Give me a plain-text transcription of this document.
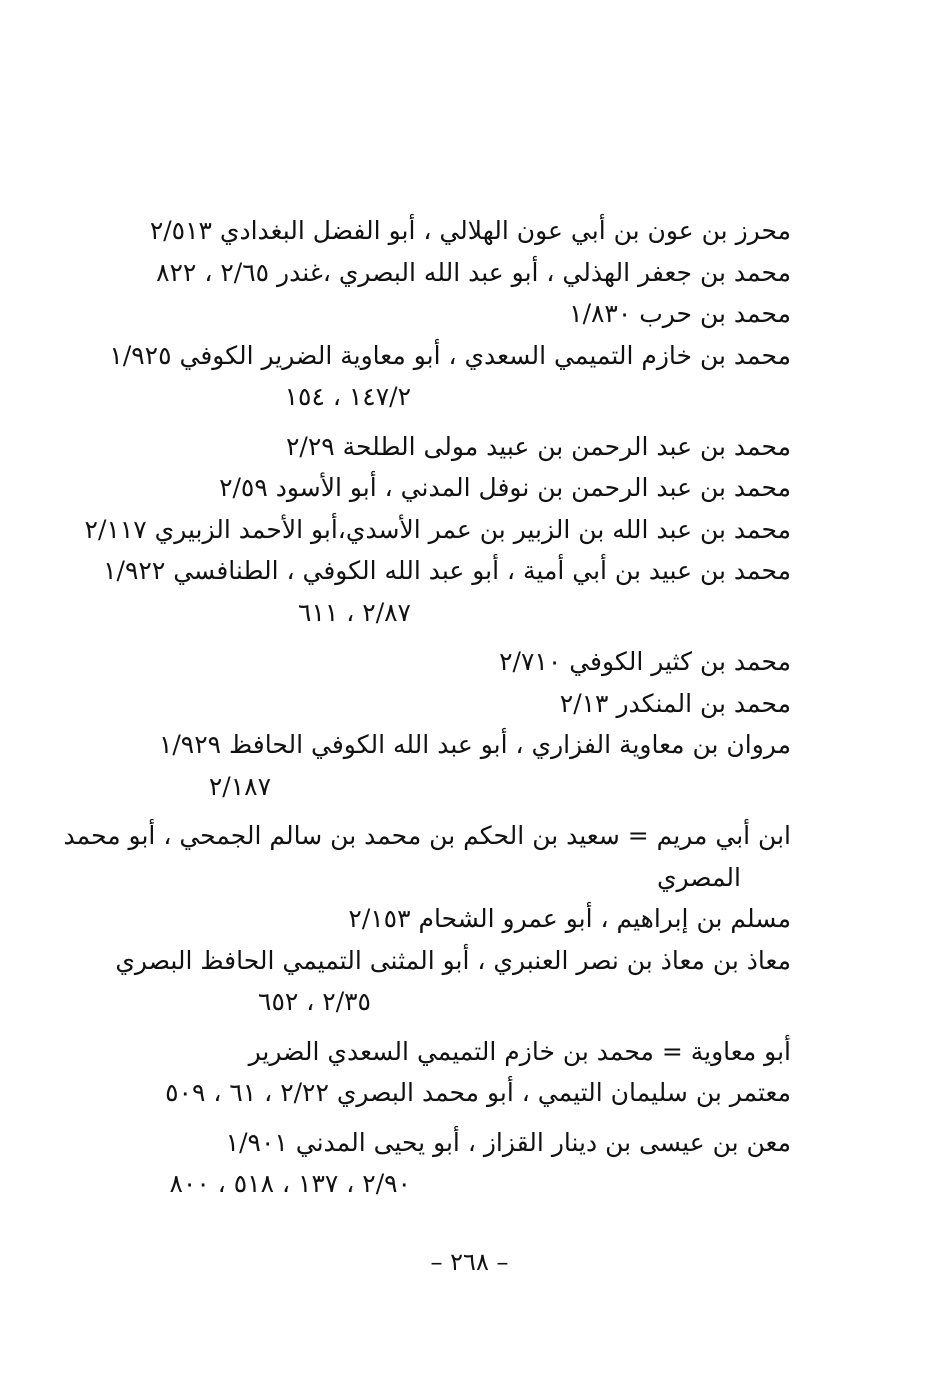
محرز بن عون بن أبي عون الهلالي ، أبو الفضل البغدادي ٢/٥١٣
محمد بن جعفر الهذلي ، أبو عبد الله البصري ،غندر ٢/٦٥ ، ٨٢٢
محمد بن حرب ١/٨٣٠
محمد بن خازم التميمي السعدي ، أبو معاوية الضرير الكوفي ١/٩٢٥
١٤٧/٢ ، ١٥٤
محمد بن عبد الرحمن بن عبيد مولى الطلحة ٢/٢٩
محمد بن عبد الرحمن بن نوفل المدني ، أبو الأسود ٢/٥٩
محمد بن عبد الله بن الزبير بن عمر الأسدي،أبو الأحمد الزبيري ٢/١١٧
محمد بن عبيد بن أبي أمية ، أبو عبد الله الكوفي ، الطنافسي ١/٩٢٢
٢/٨٧ ، ٦١١
محمد بن كثير الكوفي ٢/٧١٠
محمد بن المنكدر ٢/١٣
مروان بن معاوية الفزاري ، أبو عبد الله الكوفي الحافظ ١/٩٢٩
٢/١٨٧
ابن أبي مريم = سعيد بن الحكم بن محمد بن سالم الجمحي ، أبو محمد
المصري
مسلم بن إبراهيم ، أبو عمرو الشحام ٢/١٥٣
معاذ بن معاذ بن نصر العنبري ، أبو المثنى التميمي الحافظ البصري
٢/٣٥ ، ٦٥٢
أبو معاوية = محمد بن خازم التميمي السعدي الضرير
معتمر بن سليمان التيمي ، أبو محمد البصري ٢/٢٢ ، ٦١ ، ٥٠٩
معن بن عيسى بن دينار القزاز ، أبو يحيى المدني ١/٩٠١
٢/٩٠ ، ١٣٧ ، ٥١٨ ، ٨٠٠
– ٢٦٨ –
